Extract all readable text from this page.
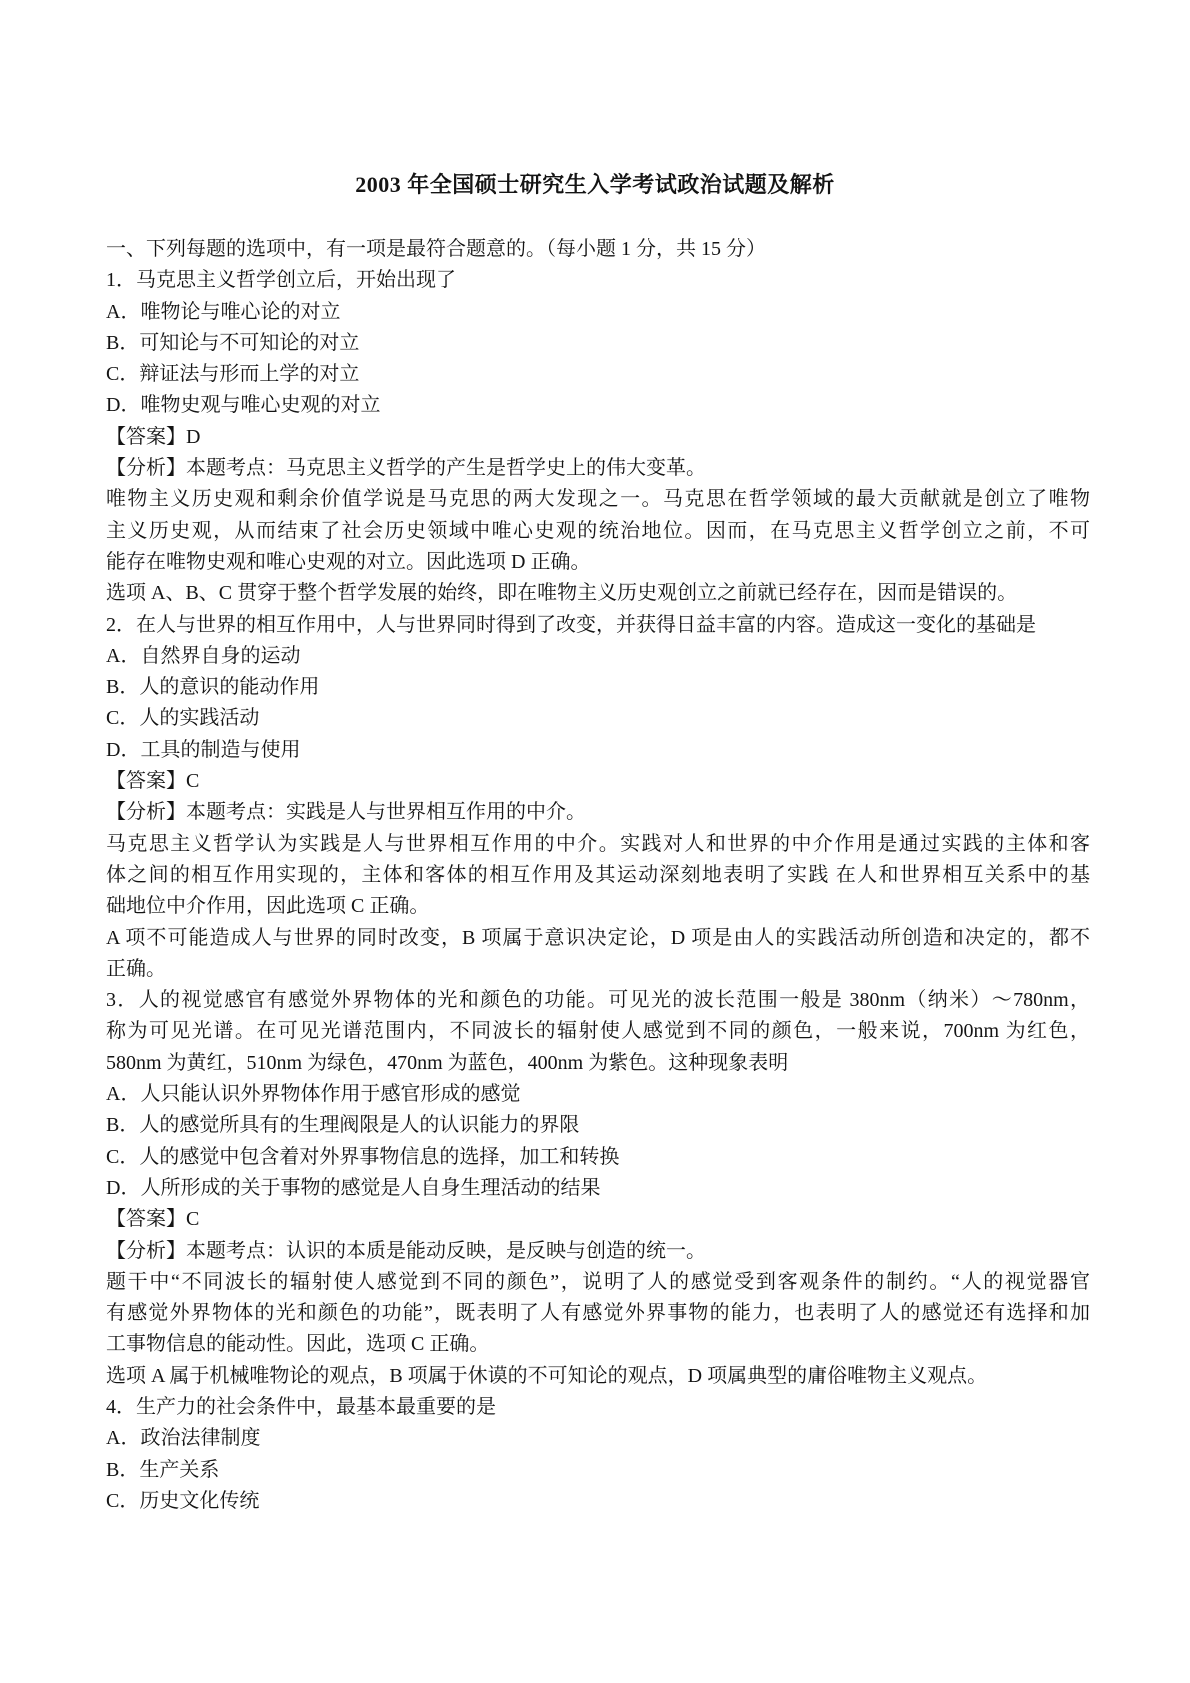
2003 年全国硕士研究生入学考试政治试题及解析
一、下列每题的选项中，有一项是最符合题意的。（每小题 1 分，共 15 分）
1．马克思主义哲学创立后，开始出现了
A．唯物论与唯心论的对立
B．可知论与不可知论的对立
C．辩证法与形而上学的对立
D．唯物史观与唯心史观的对立
【答案】D
【分析】本题考点：马克思主义哲学的产生是哲学史上的伟大变革。
唯物主义历史观和剩余价值学说是马克思的两大发现之一。马克思在哲学领域的最大贡献就是创立了唯物
主义历史观，从而结束了社会历史领域中唯心史观的统治地位。因而，在马克思主义哲学创立之前，不可
能存在唯物史观和唯心史观的对立。因此选项 D 正确。
选项 A、B、C 贯穿于整个哲学发展的始终，即在唯物主义历史观创立之前就已经存在，因而是错误的。
2．在人与世界的相互作用中，人与世界同时得到了改变，并获得日益丰富的内容。造成这一变化的基础是
A．自然界自身的运动
B．人的意识的能动作用
C．人的实践活动
D．工具的制造与使用
【答案】C
【分析】本题考点：实践是人与世界相互作用的中介。
马克思主义哲学认为实践是人与世界相互作用的中介。实践对人和世界的中介作用是通过实践的主体和客
体之间的相互作用实现的，主体和客体的相互作用及其运动深刻地表明了实践 在人和世界相互关系中的基
础地位中介作用，因此选项 C 正确。
A 项不可能造成人与世界的同时改变，B 项属于意识决定论，D 项是由人的实践活动所创造和决定的，都不
正确。
3．人的视觉感官有感觉外界物体的光和颜色的功能。可见光的波长范围一般是 380nm（纳米）～780nm，
称为可见光谱。在可见光谱范围内，不同波长的辐射使人感觉到不同的颜色，一般来说，700nm 为红色，
580nm 为黄红，510nm 为绿色，470nm 为蓝色，400nm 为紫色。这种现象表明
A．人只能认识外界物体作用于感官形成的感觉
B．人的感觉所具有的生理阀限是人的认识能力的界限
C．人的感觉中包含着对外界事物信息的选择，加工和转换
D．人所形成的关于事物的感觉是人自身生理活动的结果
【答案】C
【分析】本题考点：认识的本质是能动反映，是反映与创造的统一。
题干中“不同波长的辐射使人感觉到不同的颜色”，说明了人的感觉受到客观条件的制约。“人的视觉器官
有感觉外界物体的光和颜色的功能”，既表明了人有感觉外界事物的能力，也表明了人的感觉还有选择和加
工事物信息的能动性。因此，选项 C 正确。
选项 A 属于机械唯物论的观点，B 项属于休谟的不可知论的观点，D 项属典型的庸俗唯物主义观点。
4．生产力的社会条件中，最基本最重要的是
A．政治法律制度
B．生产关系
C．历史文化传统
